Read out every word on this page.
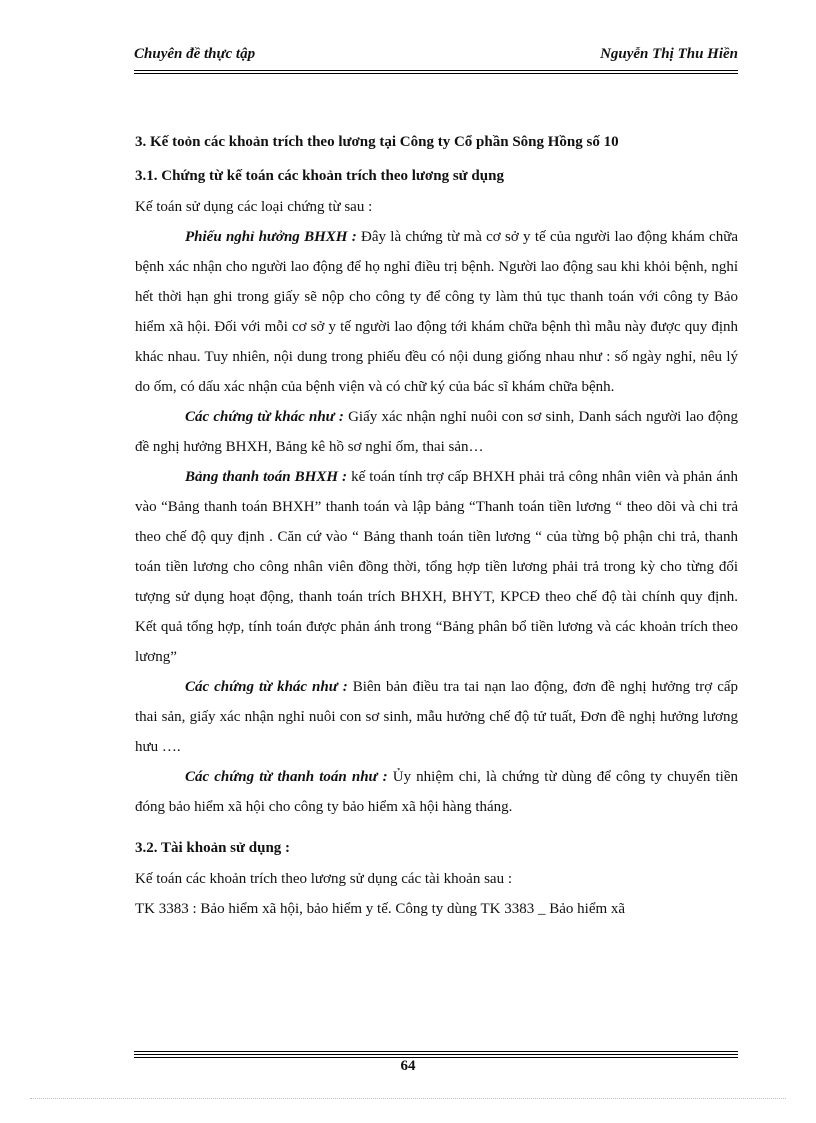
Chuyên đề thực tập	Nguyễn Thị Thu Hiền
3. Kế toỏn các khoản trích theo lương tại Công ty Cổ phần Sông Hồng số 10
3.1. Chứng từ kế toán các khoản trích theo lương sử dụng

Kế toán sử dụng các loại chứng từ sau :

Phiếu nghỉ hưởng BHXH : Đây là chứng từ mà cơ sở y tế của người lao động khám chữa bệnh xác nhận cho người lao động để họ nghỉ điều trị bệnh. Người lao động sau khi khỏi bệnh, nghỉ hết thời hạn ghi trong giấy sẽ nộp cho công ty để công ty làm thủ tục thanh toán với công ty Bảo hiểm xã hội. Đối với mỗi cơ sở y tế người lao động tới khám chữa bệnh thì mẫu này được quy định khác nhau. Tuy nhiên, nội dung trong phiếu đều có nội dung giống nhau như : số ngày nghỉ, nêu lý do ốm, có dấu xác nhận của bệnh viện và có chữ ký của bác sĩ khám chữa bệnh.

Các chứng từ khác như : Giấy xác nhận nghỉ nuôi con sơ sinh, Danh sách người lao động đề nghị hưởng BHXH, Bảng kê hồ sơ nghỉ ốm, thai sản…

Bảng thanh toán BHXH : kế toán tính trợ cấp BHXH phải trả công nhân viên và phản ánh vào “Bảng thanh toán BHXH” thanh toán và lập bảng “Thanh toán tiền lương “ theo dõi và chi trả theo chế độ quy định . Căn cứ vào “ Bảng thanh toán tiền lương “ của từng bộ phận chi trả, thanh toán tiền lương cho công nhân viên đồng thời, tổng hợp tiền lương phải trả trong kỳ cho từng đối tượng sử dụng hoạt động, thanh toán trích BHXH, BHYT, KPCĐ theo chế độ tài chính quy định. Kết quả tổng hợp, tính toán được phản ánh trong “Bảng phân bổ tiền lương và các khoản trích theo lương”

Các chứng từ khác như : Biên bản điều tra tai nạn lao động, đơn đề nghị hưởng trợ cấp thai sản, giấy xác nhận nghỉ nuôi con sơ sinh, mẫu hưởng chế độ tử tuất, Đơn đề nghị hưởng lương hưu ….

Các chứng từ thanh toán như : Ủy nhiệm chi, là chứng từ dùng để công ty chuyển tiền đóng bảo hiểm xã hội cho công ty bảo hiểm xã hội hàng tháng.

3.2. Tài khoản sử dụng :

Kế toán các khoản trích theo lương sử dụng các tài khoản sau :

TK 3383 : Bảo hiểm xã hội, bảo hiểm y tế. Công ty dùng TK 3383 _ Bảo hiểm xã

64
